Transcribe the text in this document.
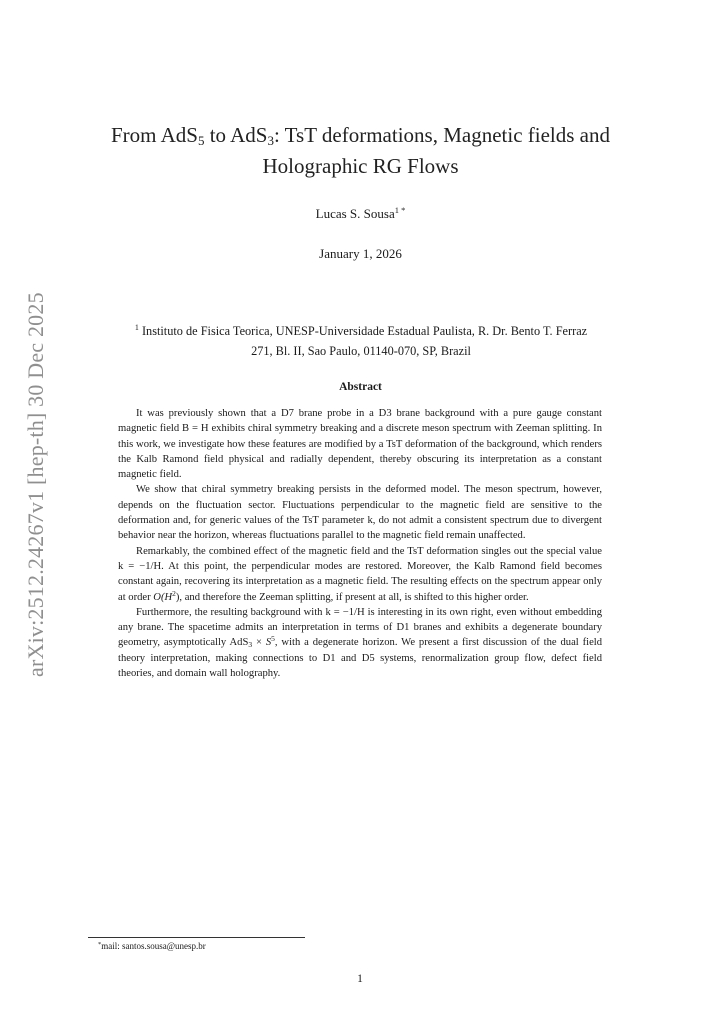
arXiv:2512.24267v1 [hep-th] 30 Dec 2025
From AdS$_5$ to AdS$_3$: TsT deformations, Magnetic fields and
Holographic RG Flows
Lucas S. Sousa$^{1 *}$
January 1, 2026
$^1$ Instituto de Fisica Teorica, UNESP-Universidade Estadual Paulista, R. Dr. Bento T. Ferraz
271, Bl. II, Sao Paulo, 01140-070, SP, Brazil
Abstract

It was previously shown that a D7 brane probe in a D3 brane background with a pure gauge constant magnetic field B = H exhibits chiral symmetry breaking and a discrete meson spectrum with Zeeman splitting. In this work, we investigate how these features are modified by a TsT deformation of the background, which renders the Kalb Ramond field physical and radially dependent, thereby obscuring its interpretation as a constant magnetic field.

We show that chiral symmetry breaking persists in the deformed model. The meson spectrum, however, depends on the fluctuation sector. Fluctuations perpendicular to the magnetic field are sensitive to the deformation and, for generic values of the TsT parameter k, do not admit a consistent spectrum due to divergent behavior near the horizon, whereas fluctuations parallel to the magnetic field remain unaffected.

Remarkably, the combined effect of the magnetic field and the TsT deformation singles out the special value k = −1/H. At this point, the perpendicular modes are restored. Moreover, the Kalb Ramond field becomes constant again, recovering its interpretation as a magnetic field. The resulting effects on the spectrum appear only at order $O(H^2)$, and therefore the Zeeman splitting, if present at all, is shifted to this higher order.

Furthermore, the resulting background with k = −1/H is interesting in its own right, even without embedding any brane. The spacetime admits an interpretation in terms of D1 branes and exhibits a degenerate boundary geometry, asymptotically $AdS_3 \times S^5$, with a degenerate horizon. We present a first discussion of the dual field theory interpretation, making connections to D1 and D5 systems, renormalization group flow, defect field theories, and domain wall holography.

*mail: santos.sousa@unesp.br
1
